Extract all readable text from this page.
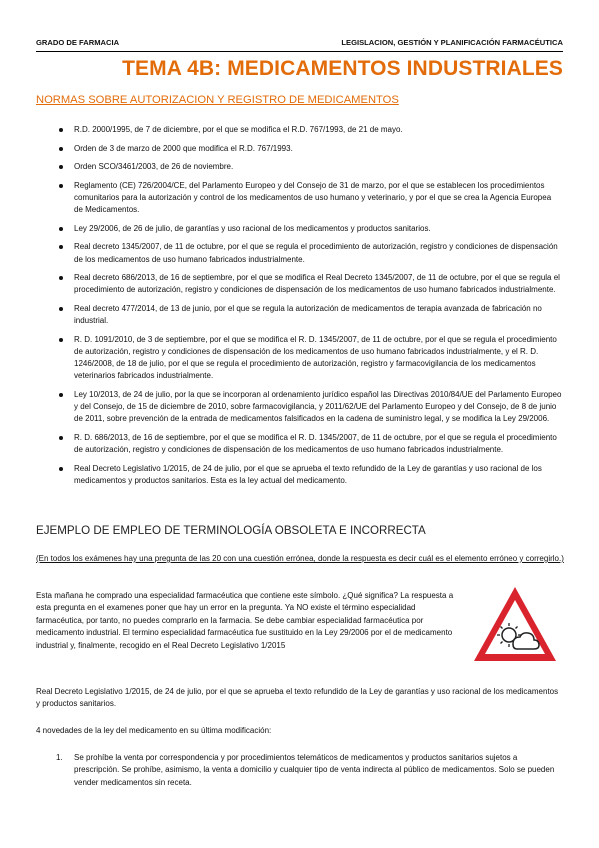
GRADO DE FARMACIA	LEGISLACION, GESTIÓN Y PLANIFICACIÓN FARMACÉUTICA
TEMA 4B: MEDICAMENTOS INDUSTRIALES
NORMAS SOBRE AUTORIZACION Y REGISTRO DE MEDICAMENTOS
R.D. 2000/1995, de 7 de diciembre, por el que se modifica el R.D. 767/1993, de 21 de mayo.
Orden de 3 de marzo de 2000 que modifica el R.D. 767/1993.
Orden SCO/3461/2003, de 26 de noviembre.
Reglamento (CE) 726/2004/CE, del Parlamento Europeo y del Consejo de 31 de marzo, por el que se establecen los procedimientos comunitarios para la autorización y control de los medicamentos de uso humano y veterinario, y por el que se crea la Agencia Europea de Medicamentos.
Ley 29/2006, de 26 de julio, de garantías y uso racional de los medicamentos y productos sanitarios.
Real decreto 1345/2007, de 11 de octubre, por el que se regula el procedimiento de autorización, registro y condiciones de dispensación de los medicamentos de uso humano fabricados industrialmente.
Real decreto 686/2013, de 16 de septiembre, por el que se modifica el Real Decreto 1345/2007, de 11 de octubre, por el que se regula el procedimiento de autorización, registro y condiciones de dispensación de los medicamentos de uso humano fabricados industrialmente.
Real decreto 477/2014, de 13 de junio, por el que se regula la autorización de medicamentos de terapia avanzada de fabricación no industrial.
R. D. 1091/2010, de 3 de septiembre, por el que se modifica el R. D. 1345/2007, de 11 de octubre, por el que se regula el procedimiento de autorización, registro y condiciones de dispensación de los medicamentos de uso humano fabricados industrialmente, y el R. D. 1246/2008, de 18 de julio, por el que se regula el procedimiento de autorización, registro y farmacovigilancia de los medicamentos veterinarios fabricados industrialmente.
Ley 10/2013, de 24 de julio, por la que se incorporan al ordenamiento jurídico español las Directivas 2010/84/UE del Parlamento Europeo y del Consejo, de 15 de diciembre de 2010, sobre farmacovigilancia, y 2011/62/UE del Parlamento Europeo y del Consejo, de 8 de junio de 2011, sobre prevención de la entrada de medicamentos falsificados en la cadena de suministro legal, y se modifica la Ley 29/2006.
R. D. 686/2013, de 16 de septiembre, por el que se modifica el R. D. 1345/2007, de 11 de octubre, por el que se regula el procedimiento de autorización, registro y condiciones de dispensación de los medicamentos de uso humano fabricados industrialmente.
Real Decreto Legislativo 1/2015, de 24 de julio, por el que se aprueba el texto refundido de la Ley de garantías y uso racional de los medicamentos y productos sanitarios. Esta es la ley actual del medicamento.
EJEMPLO DE EMPLEO DE TERMINOLOGÍA OBSOLETA E INCORRECTA
(En todos los exámenes hay una pregunta de las 20 con una cuestión errónea, donde la respuesta es decir cuál es el elemento erróneo y corregirlo.)
Esta mañana he comprado una especialidad farmacéutica que contiene este símbolo. ¿Qué significa? La respuesta a esta pregunta en el examenes poner que hay un error en la pregunta. Ya NO existe el término especialidad farmacéutica, por tanto, no puedes comprarlo en la farmacia. Se debe cambiar especialidad farmacéutica por medicamento industrial. El termino especialidad farmacéutica fue sustituido en la Ley 29/2006 por el de medicamento industrial y, finalmente, recogido en el Real Decreto Legislativo 1/2015
Real Decreto Legislativo 1/2015, de 24 de julio, por el que se aprueba el texto refundido de la Ley de garantías y uso racional de los medicamentos y productos sanitarios.
4 novedades de la ley del medicamento en su última modificación:
1. Se prohíbe la venta por correspondencia y por procedimientos telemáticos de medicamentos y productos sanitarios sujetos a prescripción. Se prohíbe, asimismo, la venta a domicilio y cualquier tipo de venta indirecta al público de medicamentos. Solo se pueden vender medicamentos sin receta.
